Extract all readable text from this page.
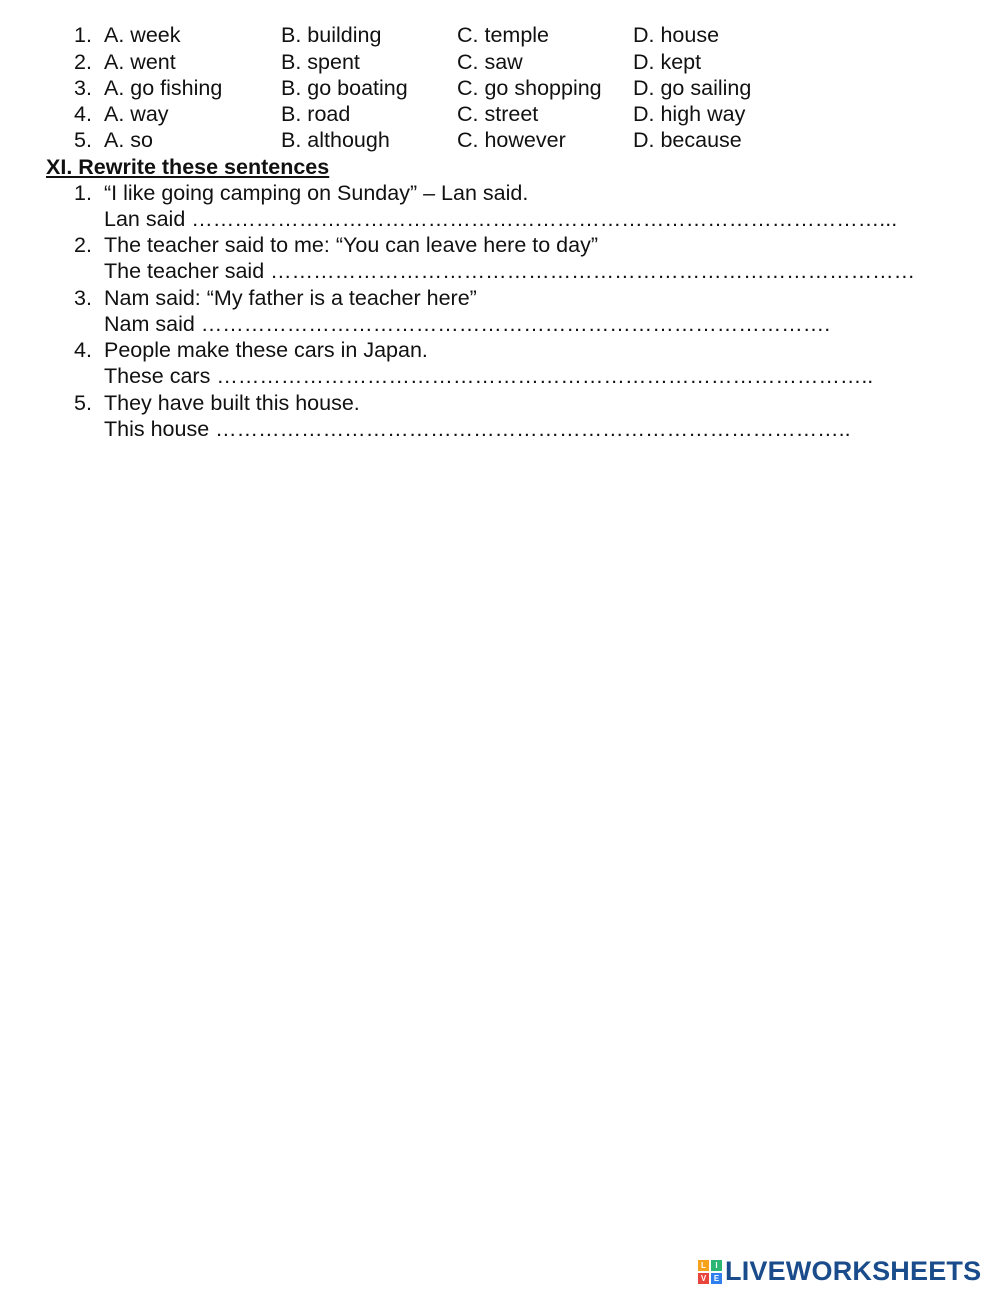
1. A. week	B. building	C. temple	D. house
2. A. went	B. spent	C. saw	D. kept
3. A. go fishing	B. go boating C. go shopping D. go sailing
4. A. way	B. road	C. street	D. high way
5. A. so	B. although	C. however	D. because
XI. Rewrite these sentences
1. “I like going camping on Sunday” – Lan said.
Lan said ……………………………………………………………………………………...
2. The teacher said to me: “You can leave here to day”
The teacher said ………………………………………………………………………………
3. Nam said: “My father is a teacher here”
Nam said …………………………………………………………………………….
4. People make these cars in Japan.
These cars ………………………………………………………………………………..
5. They have built this house.
This house ……………………………………………………………………………..
L	I
V E LIVEWORKSHEETS
